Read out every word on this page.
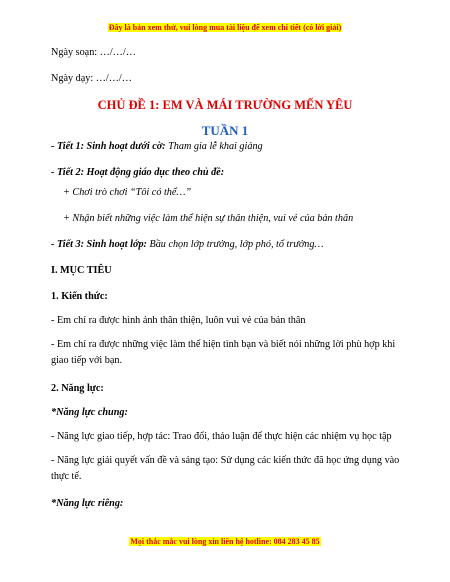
Đây là bản xem thử, vui lòng mua tài liệu để xem chi tiết (có lời giải)
Ngày soạn: …/…/…
Ngày dạy: …/…/…
CHỦ ĐỀ 1: EM VÀ MÁI TRƯỜNG MẾN YÊU
TUẦN 1
- Tiết 1: Sinh hoạt dưới cờ: Tham gia lễ khai giảng
- Tiết 2: Hoạt động giáo dục theo chủ đề:
+ Chơi trò chơi “Tôi có thể…”
+ Nhận biết những việc làm thể hiện sự thân thiện, vui vẻ của bản thân
- Tiết 3: Sinh hoạt lớp: Bầu chọn lớp trưởng, lớp phó, tổ trưởng…
I. MỤC TIÊU
1. Kiến thức:
- Em chỉ ra được hình ảnh thân thiện, luôn vui vẻ của bản thân
- Em chỉ ra được những việc làm thể hiện tình bạn và biết nói những lời phù hợp khi giao tiếp với bạn.
2. Năng lực:
*Năng lực chung:
- Năng lực giao tiếp, hợp tác: Trao đổi, thảo luận để thực hiện các nhiệm vụ học tập
- Năng lực giải quyết vấn đề và sáng tạo: Sử dụng các kiến thức đã học ứng dụng vào thực tế.
*Năng lực riêng:
Mọi thắc mắc vui lòng xin liên hệ hotline: 084 283 45 85
